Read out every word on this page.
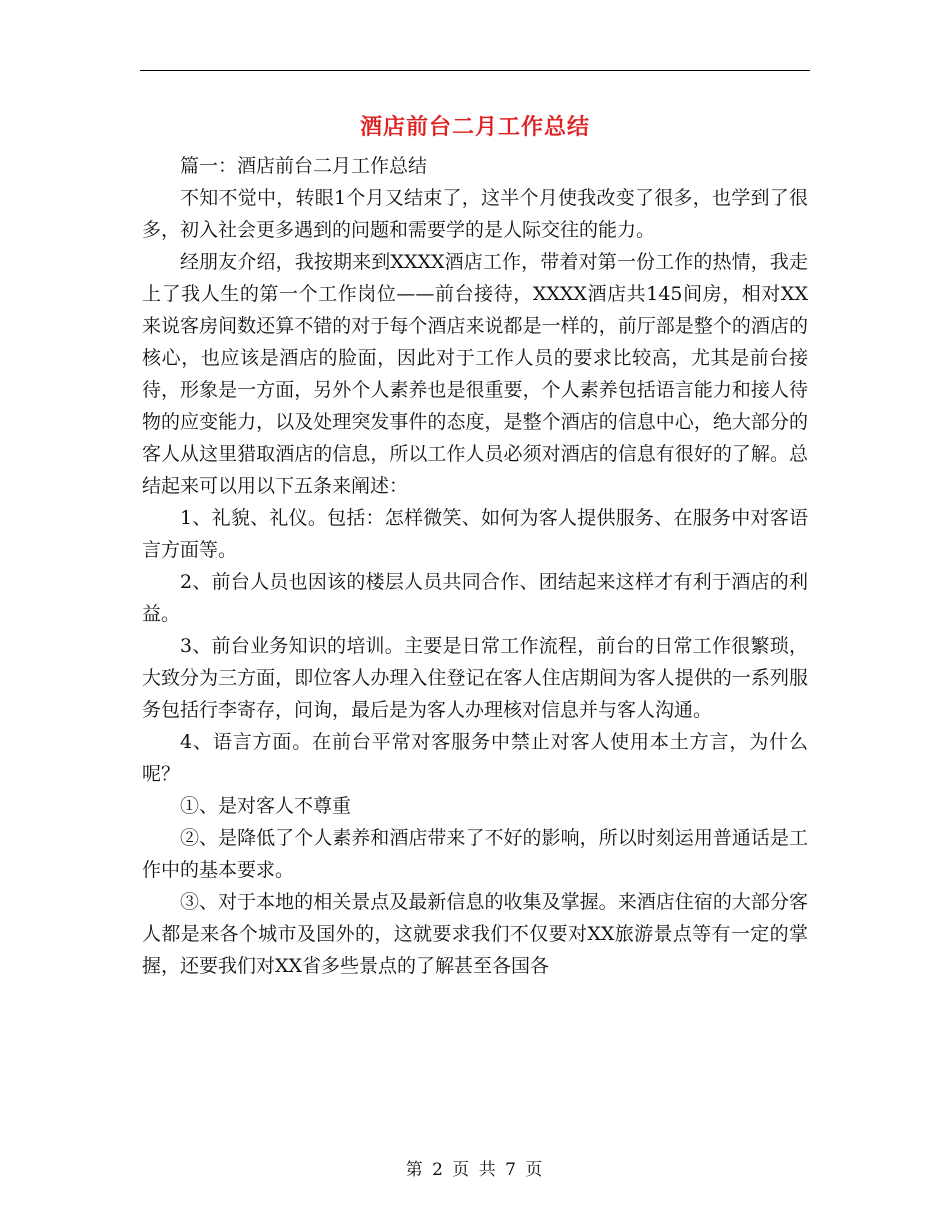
酒店前台二月工作总结

篇一：酒店前台二月工作总结

不知不觉中，转眼1个月又结束了，这半个月使我改变了很多，也学到了很多，初入社会更多遇到的问题和需要学的是人际交往的能力。

经朋友介绍，我按期来到XXXX酒店工作，带着对第一份工作的热情，我走上了我人生的第一个工作岗位——前台接待，XXXX酒店共145间房，相对XX来说客房间数还算不错的对于每个酒店来说都是一样的，前厅部是整个的酒店的核心，也应该是酒店的脸面，因此对于工作人员的要求比较高，尤其是前台接待，形象是一方面，另外个人素养也是很重要，个人素养包括语言能力和接人待物的应变能力，以及处理突发事件的态度，是整个酒店的信息中心，绝大部分的客人从这里猎取酒店的信息，所以工作人员必须对酒店的信息有很好的了解。总结起来可以用以下五条来阐述：

1、礼貌、礼仪。包括：怎样微笑、如何为客人提供服务、在服务中对客语言方面等。

2、前台人员也因该的楼层人员共同合作、团结起来这样才有利于酒店的利益。

3、前台业务知识的培训。主要是日常工作流程，前台的日常工作很繁琐，大致分为三方面，即位客人办理入住登记在客人住店期间为客人提供的一系列服务包括行李寄存，问询，最后是为客人办理核对信息并与客人沟通。

4、语言方面。在前台平常对客服务中禁止对客人使用本土方言，为什么呢？

①、是对客人不尊重

②、是降低了个人素养和酒店带来了不好的影响，所以时刻运用普通话是工作中的基本要求。

③、对于本地的相关景点及最新信息的收集及掌握。来酒店住宿的大部分客人都是来各个城市及国外的，这就要求我们不仅要对XX旅游景点等有一定的掌握，还要我们对XX省多些景点的了解甚至各国各

第 2 页 共 7 页
